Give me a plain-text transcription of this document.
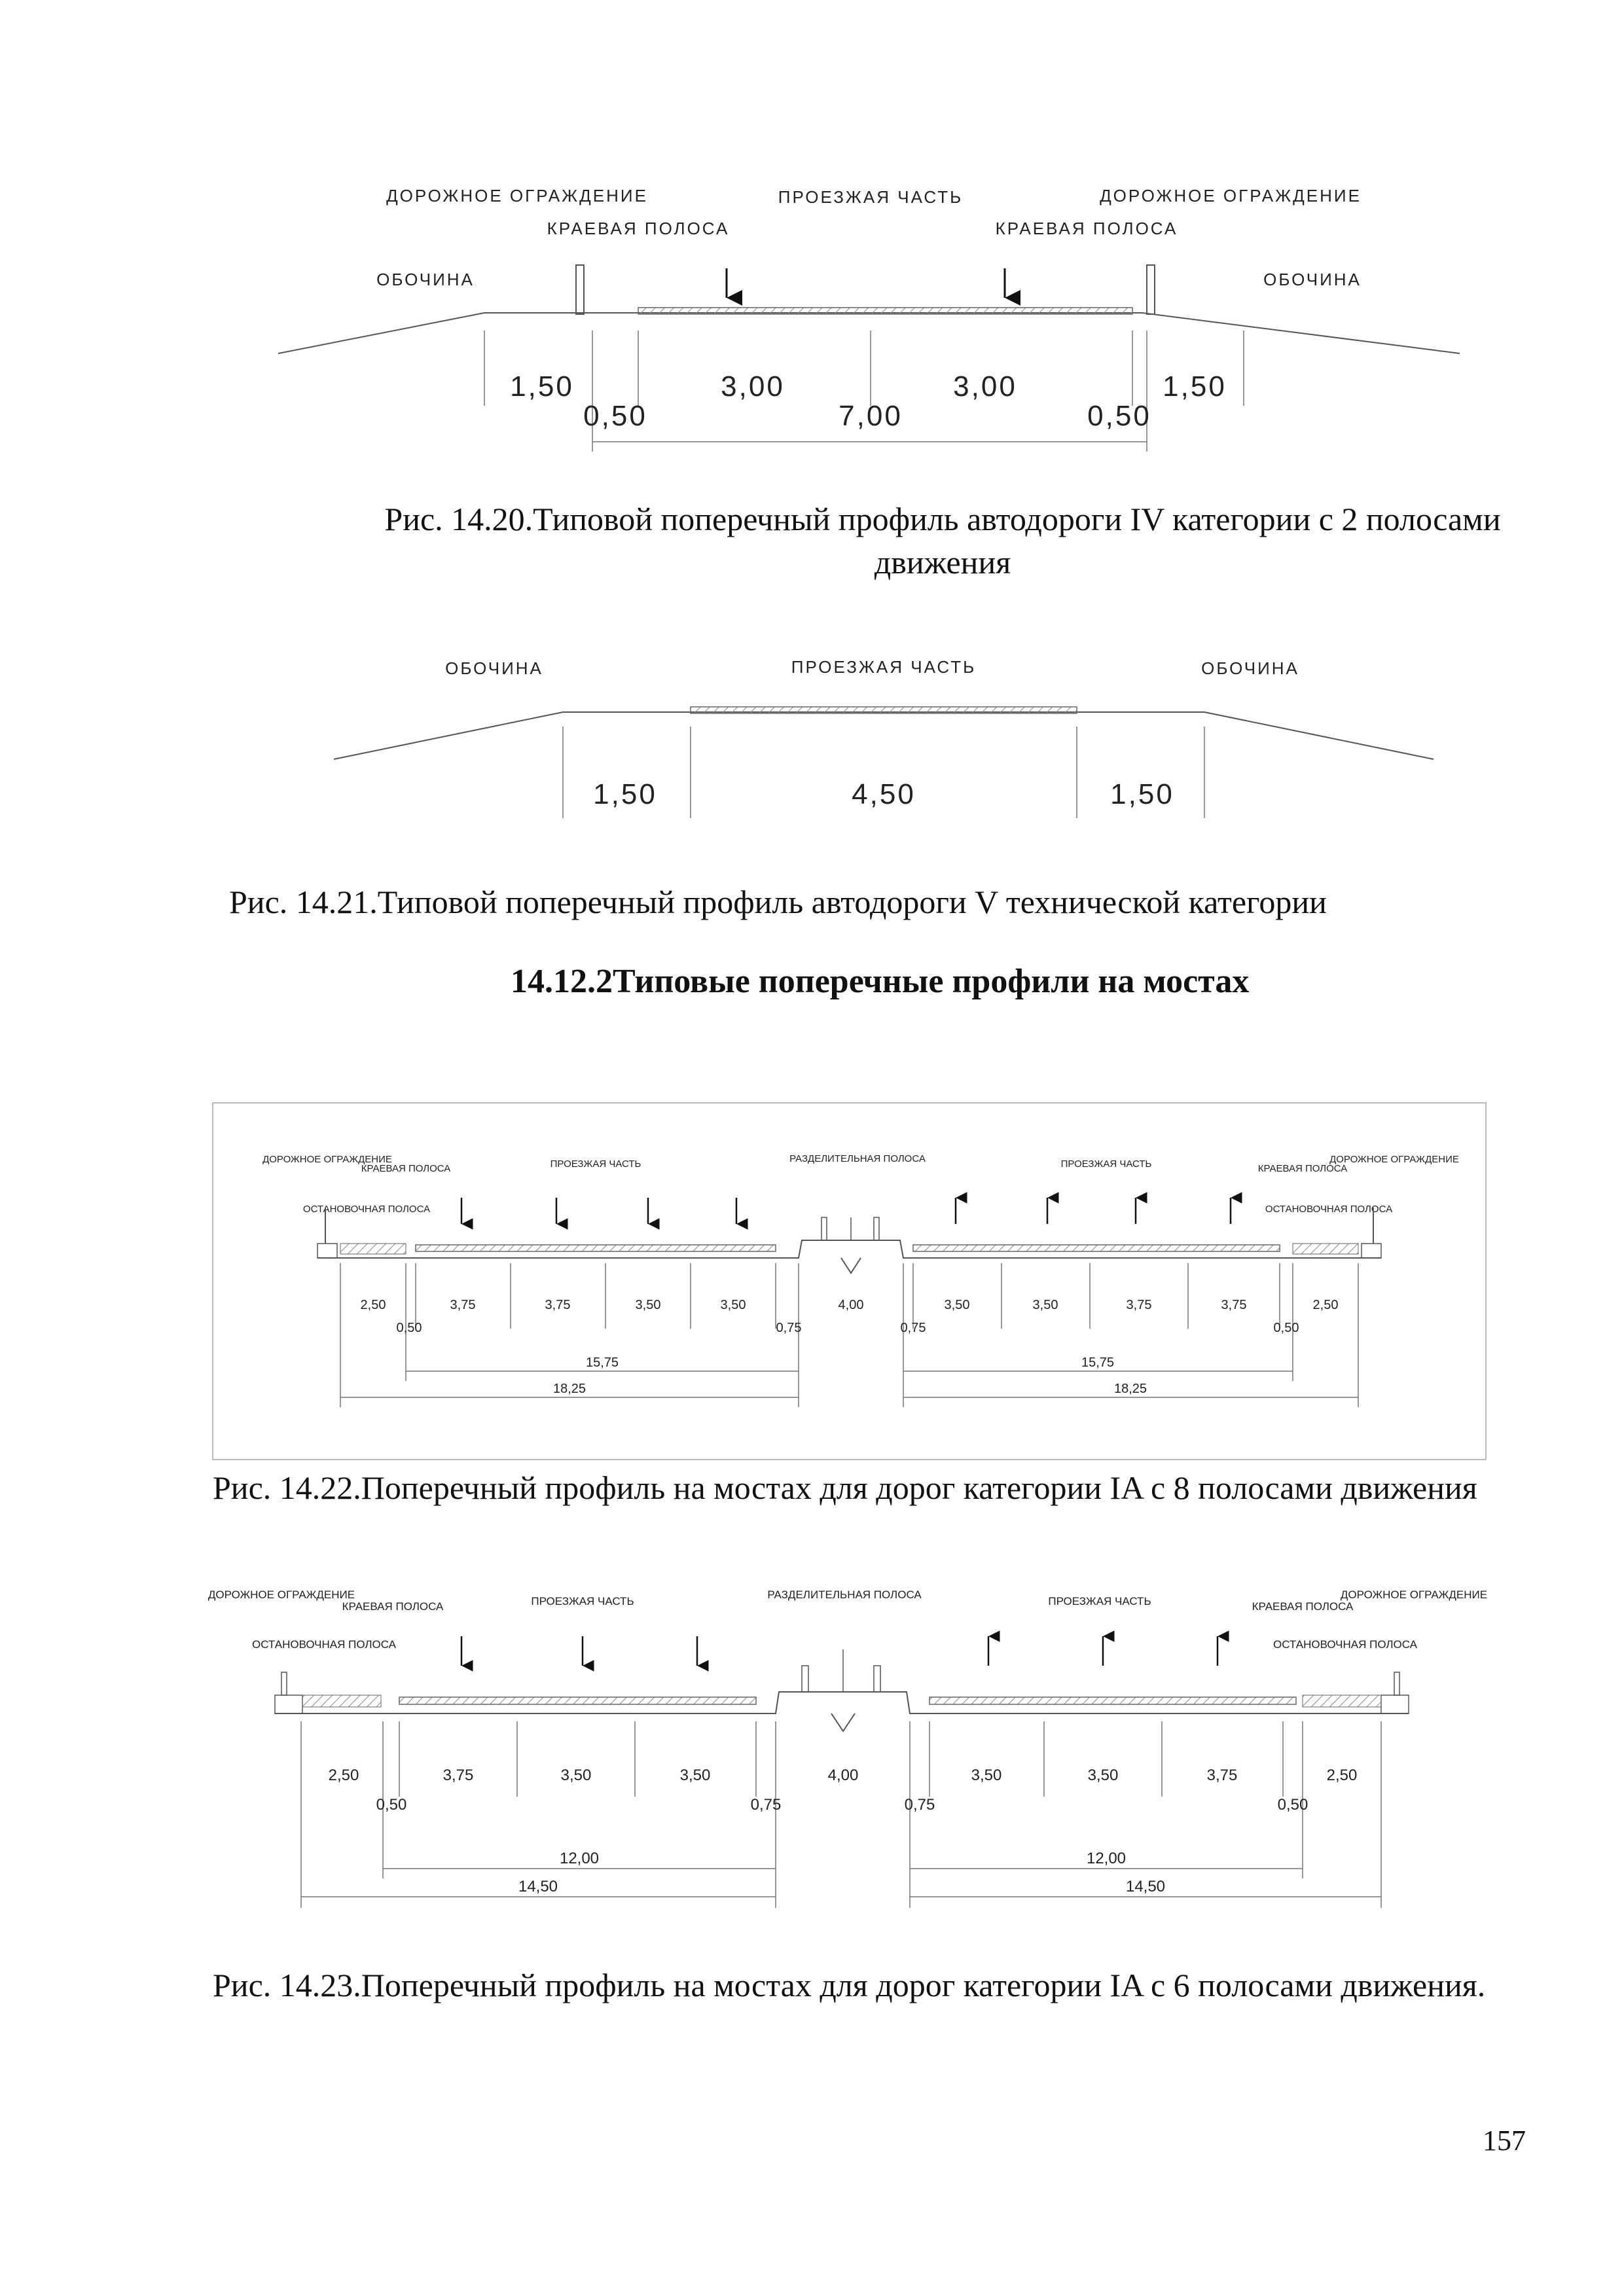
ДОРОЖНОЕ ОГРАЖДЕНИЕ	ПРОЕЗЖАЯ ЧАСТЬ	ДОРОЖНОЕ ОГРАЖДЕНИЕ
КРАЕВАЯ ПОЛОСА	КРАЕВАЯ ПОЛОСА
ОБОЧИНА	ОБОЧИНА
1,50	3,00	3,00	1,50
0,50	7,00	0,50

Рис. 14.20.Типовой поперечный профиль автодороги IV категории с 2 полосами движения

ОБОЧИНА	ПРОЕЗЖАЯ ЧАСТЬ	ОБОЧИНА
1,50	4,50	1,50

Рис. 14.21.Типовой поперечный профиль автодороги V технической категории

14.12.2Типовые поперечные профили на мостах
ДОРОЖНОЕ ОГРАЖДЕНИЕ
КРАЕВАЯ ПОЛОСА	ПРОЕЗЖАЯ ЧАСТЬ	РАЗДЕЛИТЕЛЬНАЯ ПОЛОСА	ПРОЕЗЖАЯ ЧАСТЬ	КРАЕВАЯ ПОЛОСА
ДОРОЖНОЕ ОГРАЖДЕНИЕ
ОСТАНОВОЧНАЯ ПОЛОСА	ОСТАНОВОЧНАЯ ПОЛОСА
2,50	3,75	3,75	3,50	3,50	4,00	3,50	3,50	3,75	3,75	2,50
0,50	0,75	0,75	0,50
15,75	15,75
18,25	18,25

Рис. 14.22.Поперечный профиль на мостах для дорог категории IA с 8 полосами движения

ДОРОЖНОЕ ОГРАЖДЕНИЕ
КРАЕВАЯ ПОЛОСА	ПРОЕЗЖАЯ ЧАСТЬ
РАЗДЕЛИТЕЛЬНАЯ ПОЛОСА
ПРОЕЗЖАЯ ЧАСТЬ	КРАЕВАЯ ПОЛОСА
ДОРОЖНОЕ ОГРАЖДЕНИЕ
ОСТАНОВОЧНАЯ ПОЛОСА	ОСТАНОВОЧНАЯ ПОЛОСА
2,50	3,75	3,50	3,50	4,00	3,50	3,50	3,75	2,50
0,50	0,75	0,75	0,50
12,00	12,00
14,50	14,50

Рис. 14.23.Поперечный профиль на мостах для дорог категории IA с 6 полосами движения.

157
